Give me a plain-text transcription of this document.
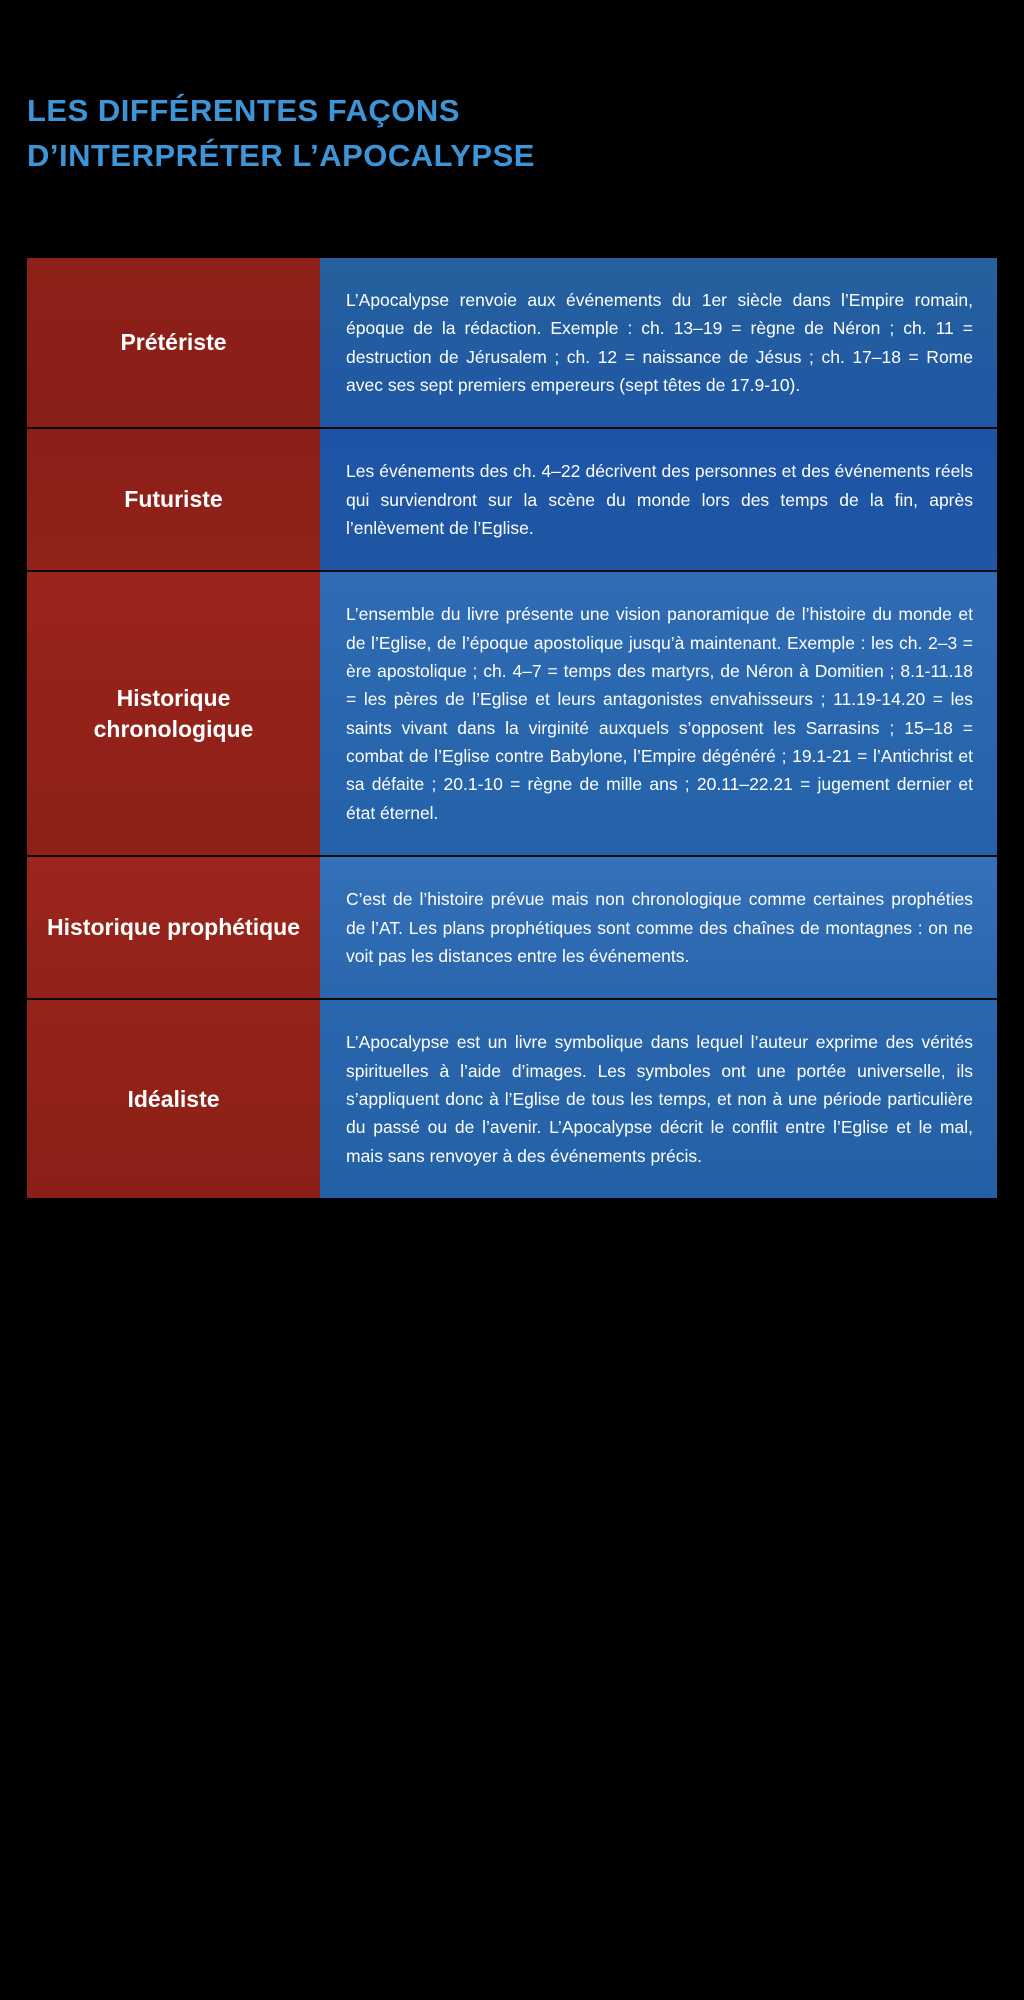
LES DIFFÉRENTES FAÇONS
D’INTERPRÉTER L’APOCALYPSE
Prétériste
L’Apocalypse renvoie aux événements du 1er siècle dans l’Empire romain, époque de la rédaction. Exemple : ch. 13–19 = règne de Néron ; ch. 11 = destruction de Jérusalem ; ch. 12 = naissance de Jésus ; ch. 17–18 = Rome avec ses sept premiers empereurs (sept têtes de 17.9-10).
Futuriste
Les événements des ch. 4–22 décrivent des personnes et des événements réels qui surviendront sur la scène du monde lors des temps de la fin, après l’enlèvement de l’Eglise.
Historique chronologique
L’ensemble du livre présente une vision panoramique de l’histoire du monde et de l’Eglise, de l’époque apostolique jusqu’à maintenant. Exemple : les ch. 2–3 = ère apostolique ; ch. 4–7 = temps des martyrs, de Néron à Domitien ; 8.1-11.18 = les pères de l’Eglise et leurs antagonistes envahisseurs ; 11.19-14.20 = les saints vivant dans la virginité auxquels s’opposent les Sarrasins ; 15–18 = combat de l’Eglise contre Babylone, l’Empire dégénéré ; 19.1-21 = l’Antichrist et sa défaite ; 20.1-10 = règne de mille ans ; 20.11–22.21 = jugement dernier et état éternel.
Historique prophétique
C’est de l’histoire prévue mais non chronologique comme certaines prophéties de l’AT. Les plans prophétiques sont comme des chaînes de montagnes : on ne voit pas les distances entre les événements.
Idéaliste
L’Apocalypse est un livre symbolique dans lequel l’auteur exprime des vérités spirituelles à l’aide d’images. Les symboles ont une portée universelle, ils s’appliquent donc à l’Eglise de tous les temps, et non à une période particulière du passé ou de l’avenir. L’Apocalypse décrit le conflit entre l’Eglise et le mal, mais sans renvoyer à des événements précis.
